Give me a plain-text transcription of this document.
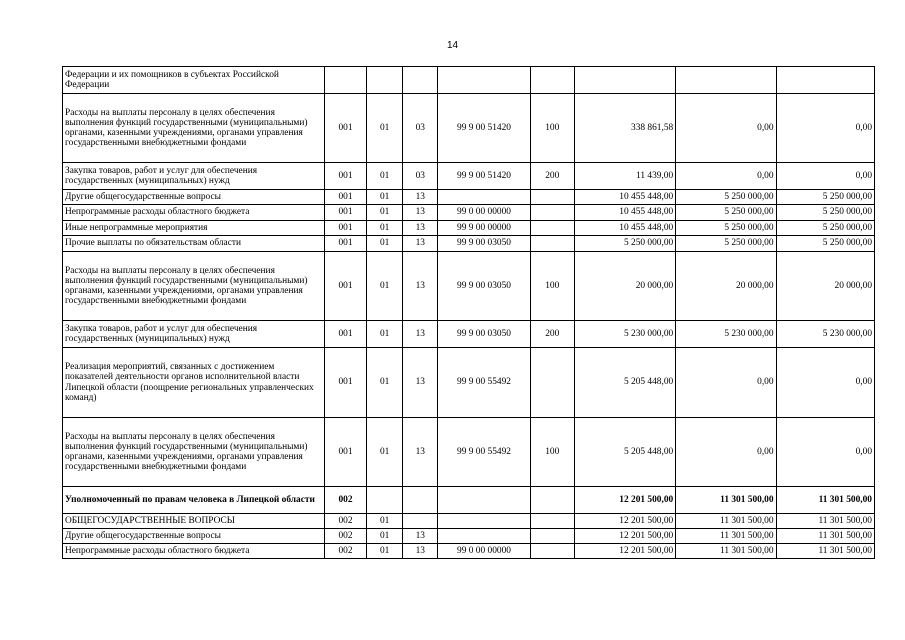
14
Федерации и их помощников в субъектах Российской Федерации								
Расходы на выплаты персоналу в целях обеспечения выполнения функций государственными (муниципальными) органами, казенными учреждениями, органами управления государственными внебюджетными фондами	001	01	03	99 9 00 51420	100	338 861,58	0,00	0,00
Закупка товаров, работ и услуг для обеспечения государственных (муниципальных) нужд	001	01	03	99 9 00 51420	200	11 439,00	0,00	0,00
Другие общегосударственные вопросы	001	01	13			10 455 448,00	5 250 000,00	5 250 000,00
Непрограммные расходы областного бюджета	001	01	13	99 0 00 00000		10 455 448,00	5 250 000,00	5 250 000,00
Иные непрограммные мероприятия	001	01	13	99 9 00 00000		10 455 448,00	5 250 000,00	5 250 000,00
Прочие выплаты по обязательствам области	001	01	13	99 9 00 03050		5 250 000,00	5 250 000,00	5 250 000,00
Расходы на выплаты персоналу в целях обеспечения выполнения функций государственными (муниципальными) органами, казенными учреждениями, органами управления государственными внебюджетными фондами	001	01	13	99 9 00 03050	100	20 000,00	20 000,00	20 000,00
Закупка товаров, работ и услуг для обеспечения государственных (муниципальных) нужд	001	01	13	99 9 00 03050	200	5 230 000,00	5 230 000,00	5 230 000,00
Реализация мероприятий, связанных с достижением показателей деятельности органов исполнительной власти Липецкой области (поощрение региональных управленческих команд)	001	01	13	99 9 00 55492		5 205 448,00	0,00	0,00
Расходы на выплаты персоналу в целях обеспечения выполнения функций государственными (муниципальными) органами, казенными учреждениями, органами управления государственными внебюджетными фондами	001	01	13	99 9 00 55492	100	5 205 448,00	0,00	0,00
Уполномоченный по правам человека в Липецкой области	002					12 201 500,00	11 301 500,00	11 301 500,00
ОБЩЕГОСУДАРСТВЕННЫЕ ВОПРОСЫ	002	01				12 201 500,00	11 301 500,00	11 301 500,00
Другие общегосударственные вопросы	002	01	13			12 201 500,00	11 301 500,00	11 301 500,00
Непрограммные расходы областного бюджета	002	01	13	99 0 00 00000		12 201 500,00	11 301 500,00	11 301 500,00
